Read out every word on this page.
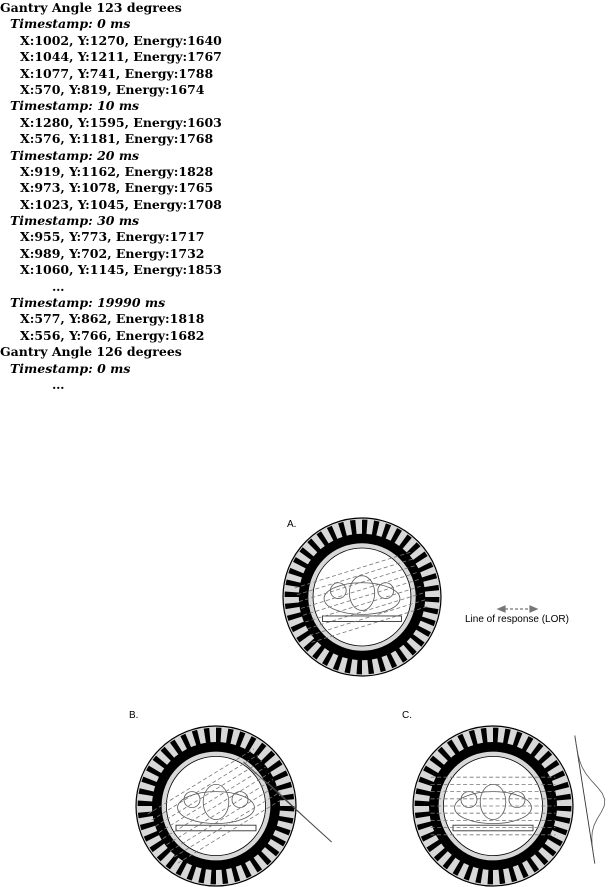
Gantry Angle 123 degrees
Timestamp: 0 ms
X:1002, Y:1270, Energy:1640
X:1044, Y:1211, Energy:1767
X:1077, Y:741, Energy:1788
X:570, Y:819, Energy:1674
Timestamp: 10 ms
X:1280, Y:1595, Energy:1603
X:576, Y:1181, Energy:1768
Timestamp: 20 ms
X:919, Y:1162, Energy:1828
X:973, Y:1078, Energy:1765
X:1023, Y:1045, Energy:1708
Timestamp: 30 ms
X:955, Y:773, Energy:1717
X:989, Y:702, Energy:1732
X:1060, Y:1145, Energy:1853
…
Timestamp: 19990 ms
X:577, Y:862, Energy:1818
X:556, Y:766, Energy:1682
Gantry Angle 126 degrees
Timestamp: 0 ms
…
A.
B.	C.
Line of response (LOR)
